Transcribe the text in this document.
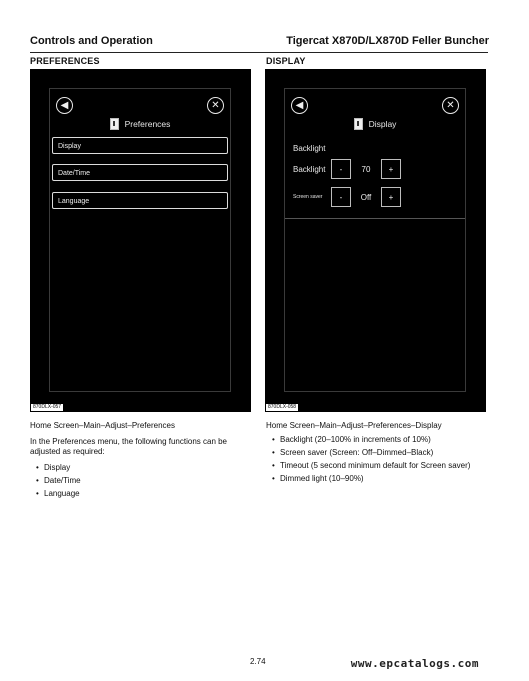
Controls and Operation	Tigercat X870D/LX870D Feller Buncher
PREFERENCES	DISPLAY
◀	✕
Preferences
Display
Date/Time
Language
870DLX-057
◀	✕
Display
Backlight
Backlight	-	70	+
Screen saver	-	Off	+
870DLX-058
Home Screen–Main–Adjust–Preferences	Home Screen–Main–Adjust–Preferences–Display
In the Preferences menu, the following functions can be adjusted as required:
• Display
• Date/Time
• Language
• Backlight (20–100% in increments of 10%)
• Screen saver (Screen: Off–Dimmed–Black)
• Timeout (5 second minimum default for Screen saver)
• Dimmed light (10–90%)
2.74	www.epcatalogs.com
